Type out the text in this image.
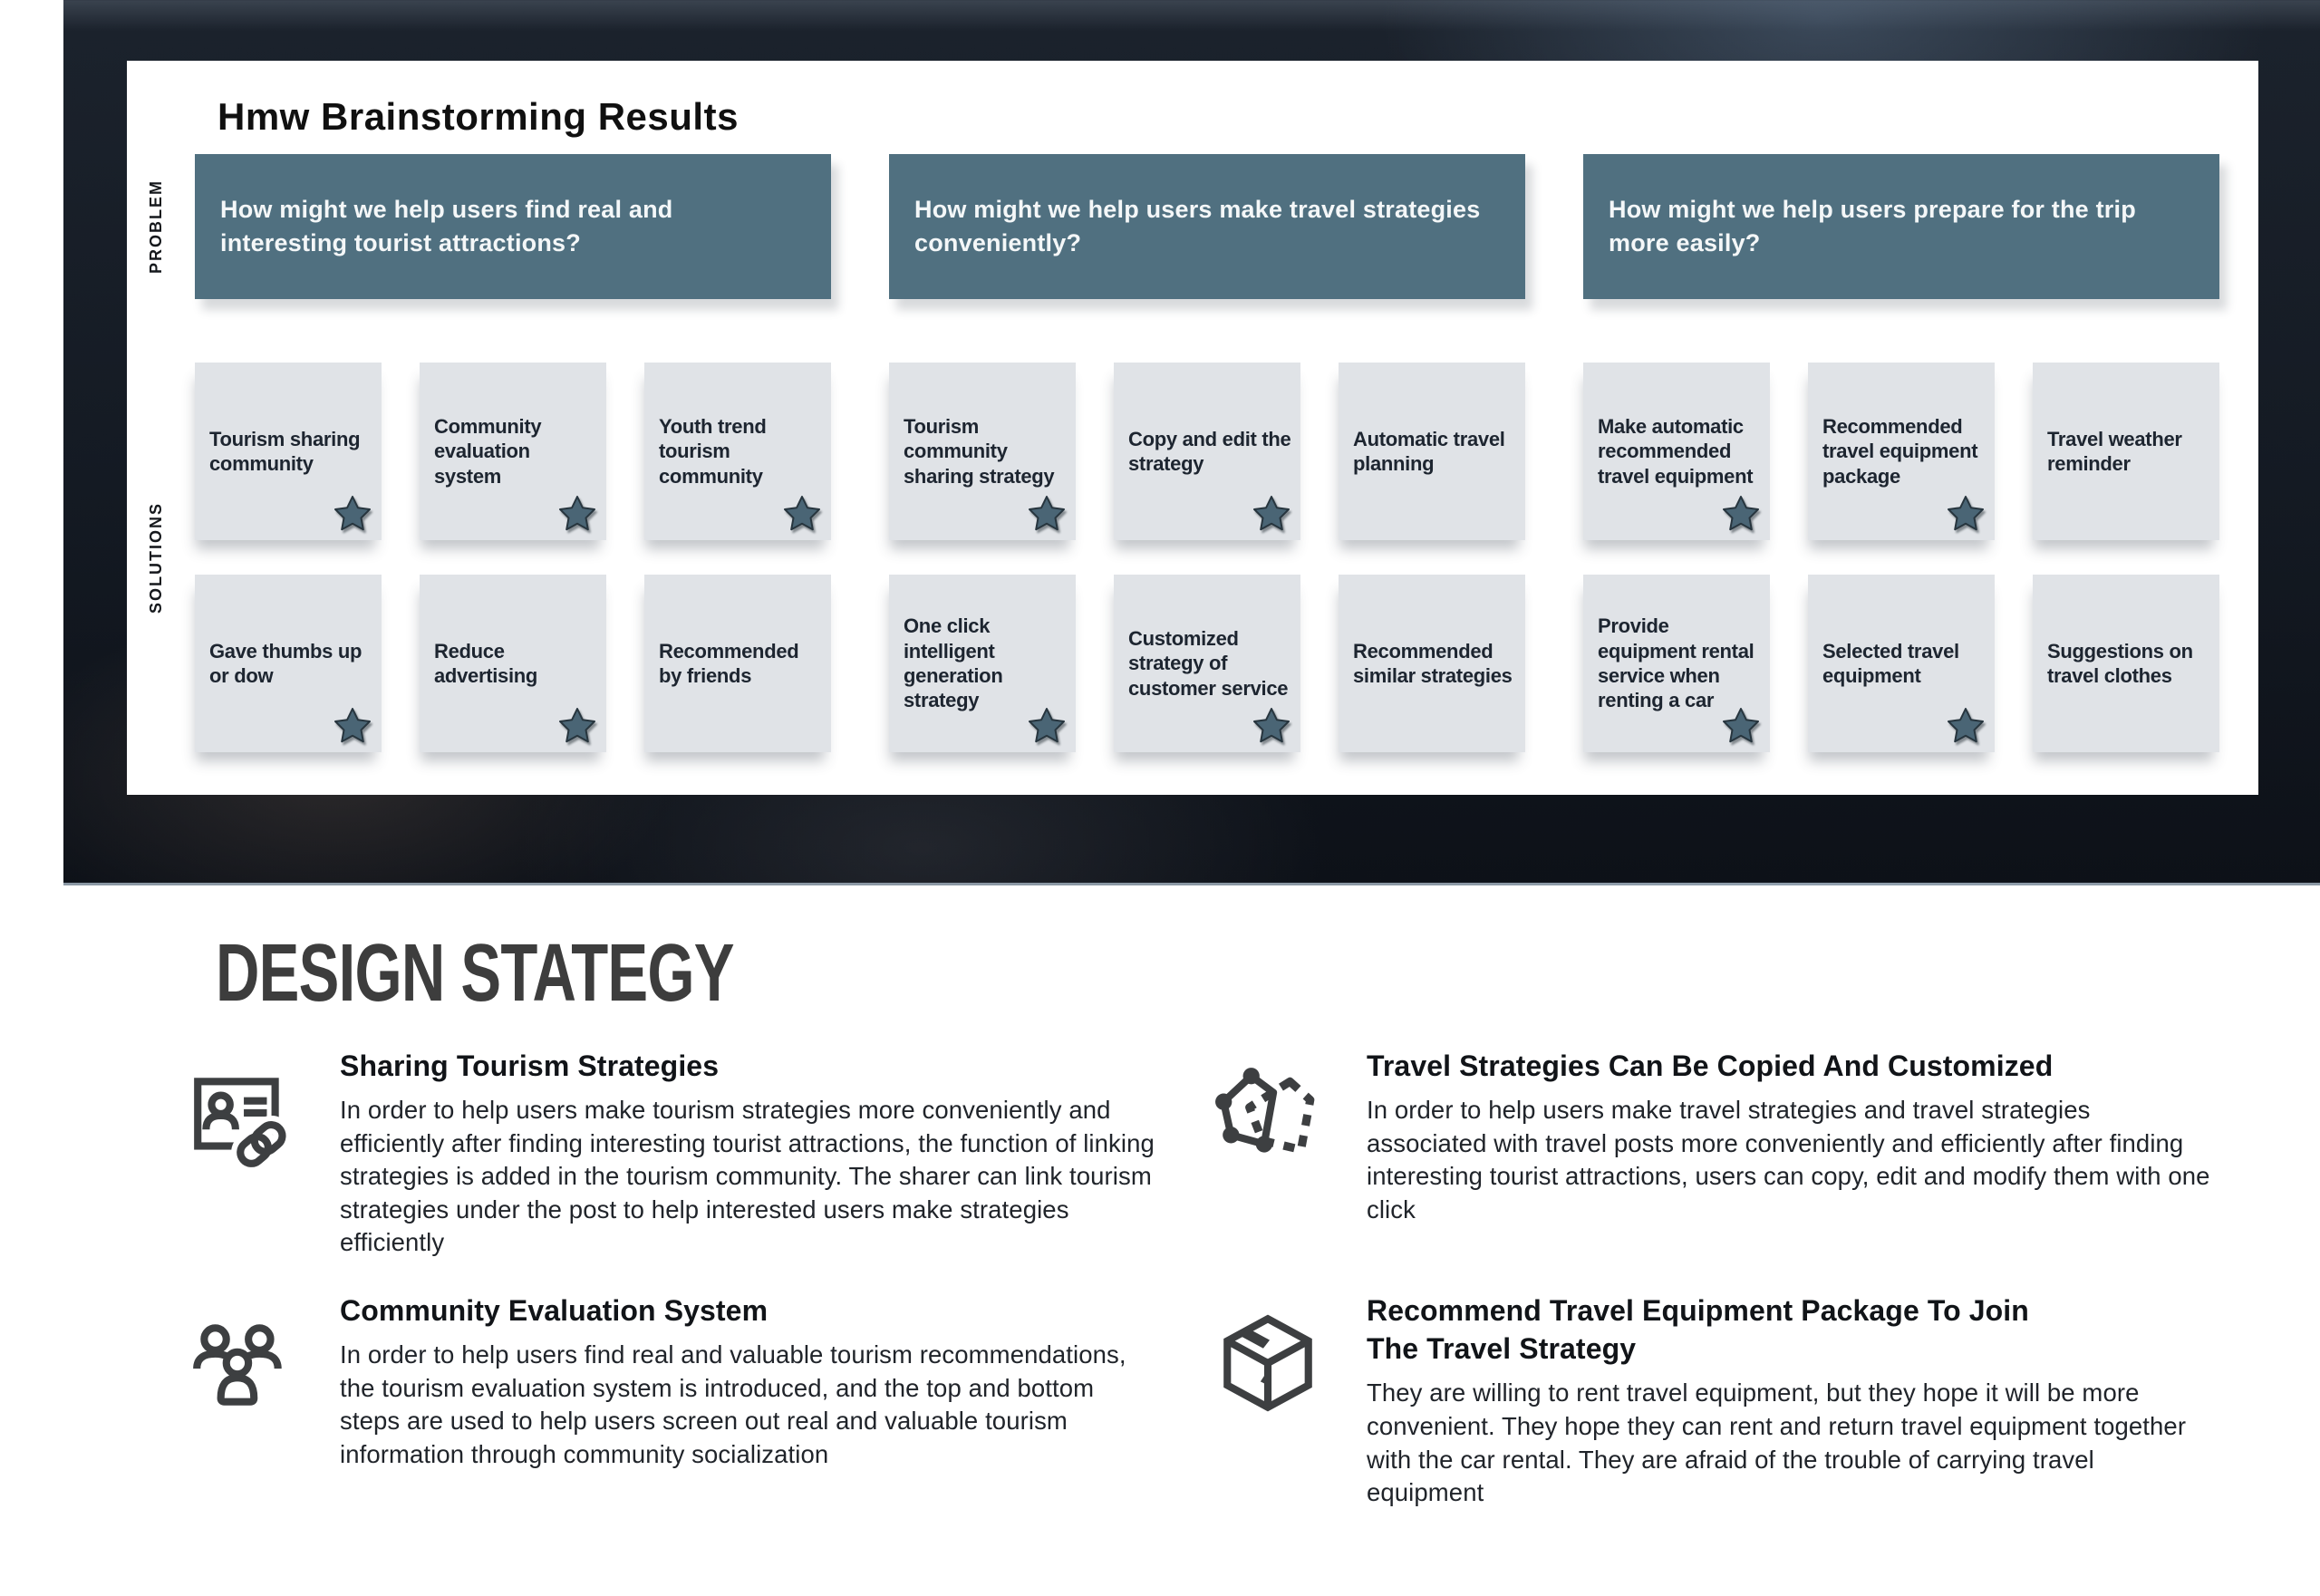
Hmw Brainstorming Results
PROBLEM
SOLUTIONS
How might we help users find real and interesting tourist attractions?
Tourism sharing community
Community evaluation system
Youth trend tourism community
Gave thumbs up or dow
Reduce advertising
Recommended by friends
How might we help users make travel strategies conveniently?
Tourism community sharing strategy
Copy and edit the strategy
Automatic travel planning
One click intelligent generation strategy
Customized strategy of customer service
Recommended similar strategies
How might we help users prepare for the trip more easily?
Make automatic recommended travel equipment
Recommended travel equipment package
Travel weather reminder
Provide equipment rental service when renting a car
Selected travel equipment
Suggestions on travel clothes
DESIGN STATEGY
Sharing Tourism Strategies

In order to help users make tourism strategies more conveniently and efficiently after finding interesting tourist attractions, the function of linking strategies is added in the tourism community. The sharer can link tourism strategies under the post to help interested users make strategies efficiently

Travel Strategies Can Be Copied And Customized

In order to help users make travel strategies and travel strategies associated with travel posts more conveniently and efficiently after finding interesting tourist attractions, users can copy, edit and modify them with one click

Community Evaluation System

In order to help users find real and valuable tourism recommendations, the tourism evaluation system is introduced, and the top and bottom steps are used to help users screen out real and valuable tourism information through community socialization

Recommend Travel Equipment Package To Join The Travel Strategy

They are willing to rent travel equipment, but they hope it will be more convenient. They hope they can rent and return travel equipment together with the car rental. They are afraid of the trouble of carrying travel equipment
